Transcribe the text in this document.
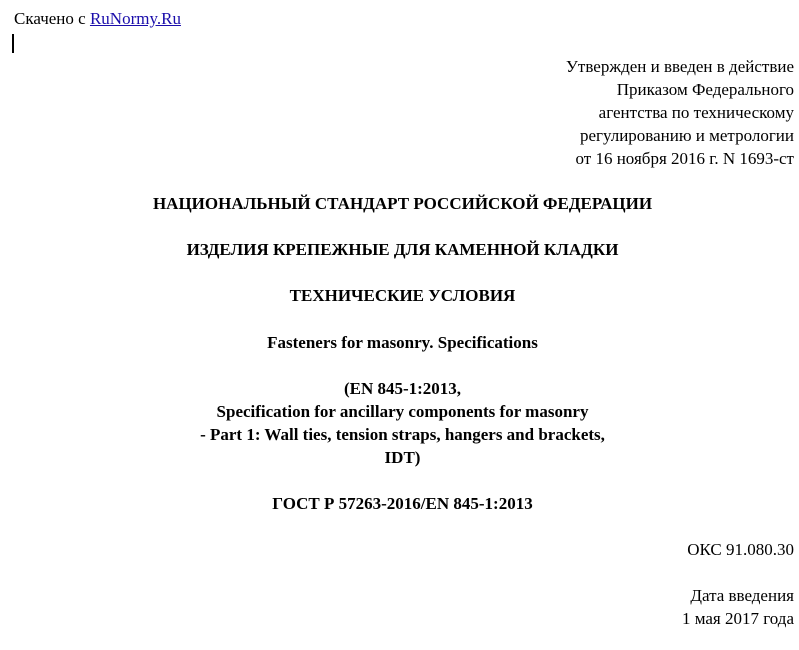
Скачено с RuNormy.Ru
Утвержден и введен в действие
Приказом Федерального
агентства по техническому
регулированию и метрологии
от 16 ноября 2016 г. N 1693-ст
НАЦИОНАЛЬНЫЙ СТАНДАРТ РОССИЙСКОЙ ФЕДЕРАЦИИ
ИЗДЕЛИЯ КРЕПЕЖНЫЕ ДЛЯ КАМЕННОЙ КЛАДКИ
ТЕХНИЧЕСКИЕ УСЛОВИЯ
Fasteners for masonry. Specifications
(EN 845-1:2013,
Specification for ancillary components for masonry
- Part 1: Wall ties, tension straps, hangers and brackets,
IDT)
ГОСТ Р 57263-2016/EN 845-1:2013
ОКС 91.080.30
Дата введения
1 мая 2017 года
